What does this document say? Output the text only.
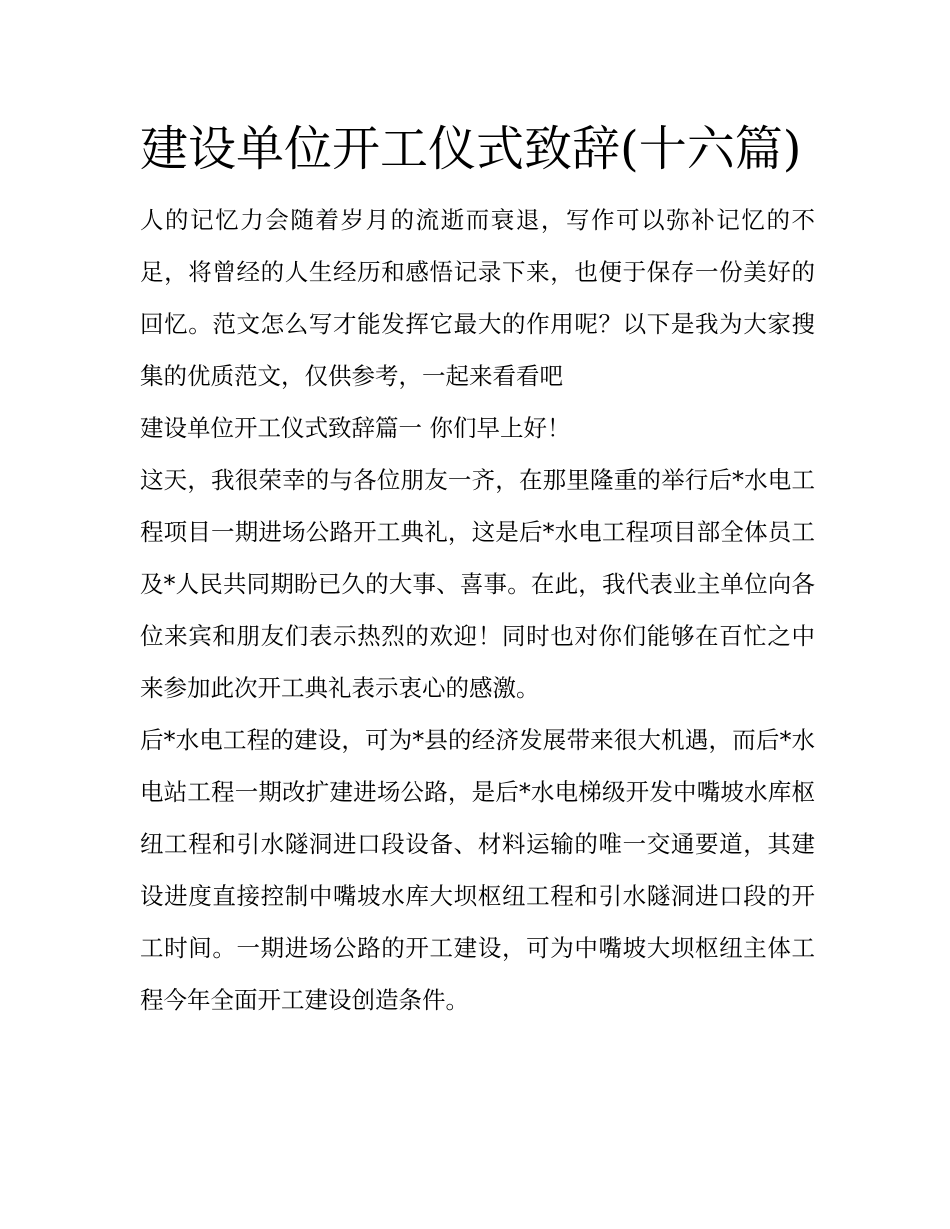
建设单位开工仪式致辞(十六篇)

人的记忆力会随着岁月的流逝而衰退，写作可以弥补记忆的不足，将曾经的人生经历和感悟记录下来，也便于保存一份美好的回忆。范文怎么写才能发挥它最大的作用呢？以下是我为大家搜集的优质范文，仅供参考，一起来看看吧

建设单位开工仪式致辞篇一 你们早上好！

这天，我很荣幸的与各位朋友一齐，在那里隆重的举行后*水电工程项目一期进场公路开工典礼，这是后*水电工程项目部全体员工及*人民共同期盼已久的大事、喜事。在此，我代表业主单位向各位来宾和朋友们表示热烈的欢迎！同时也对你们能够在百忙之中来参加此次开工典礼表示衷心的感激。

后*水电工程的建设，可为*县的经济发展带来很大机遇，而后*水电站工程一期改扩建进场公路，是后*水电梯级开发中嘴坡水库枢纽工程和引水隧洞进口段设备、材料运输的唯一交通要道，其建设进度直接控制中嘴坡水库大坝枢纽工程和引水隧洞进口段的开工时间。一期进场公路的开工建设，可为中嘴坡大坝枢纽主体工程今年全面开工建设创造条件。
